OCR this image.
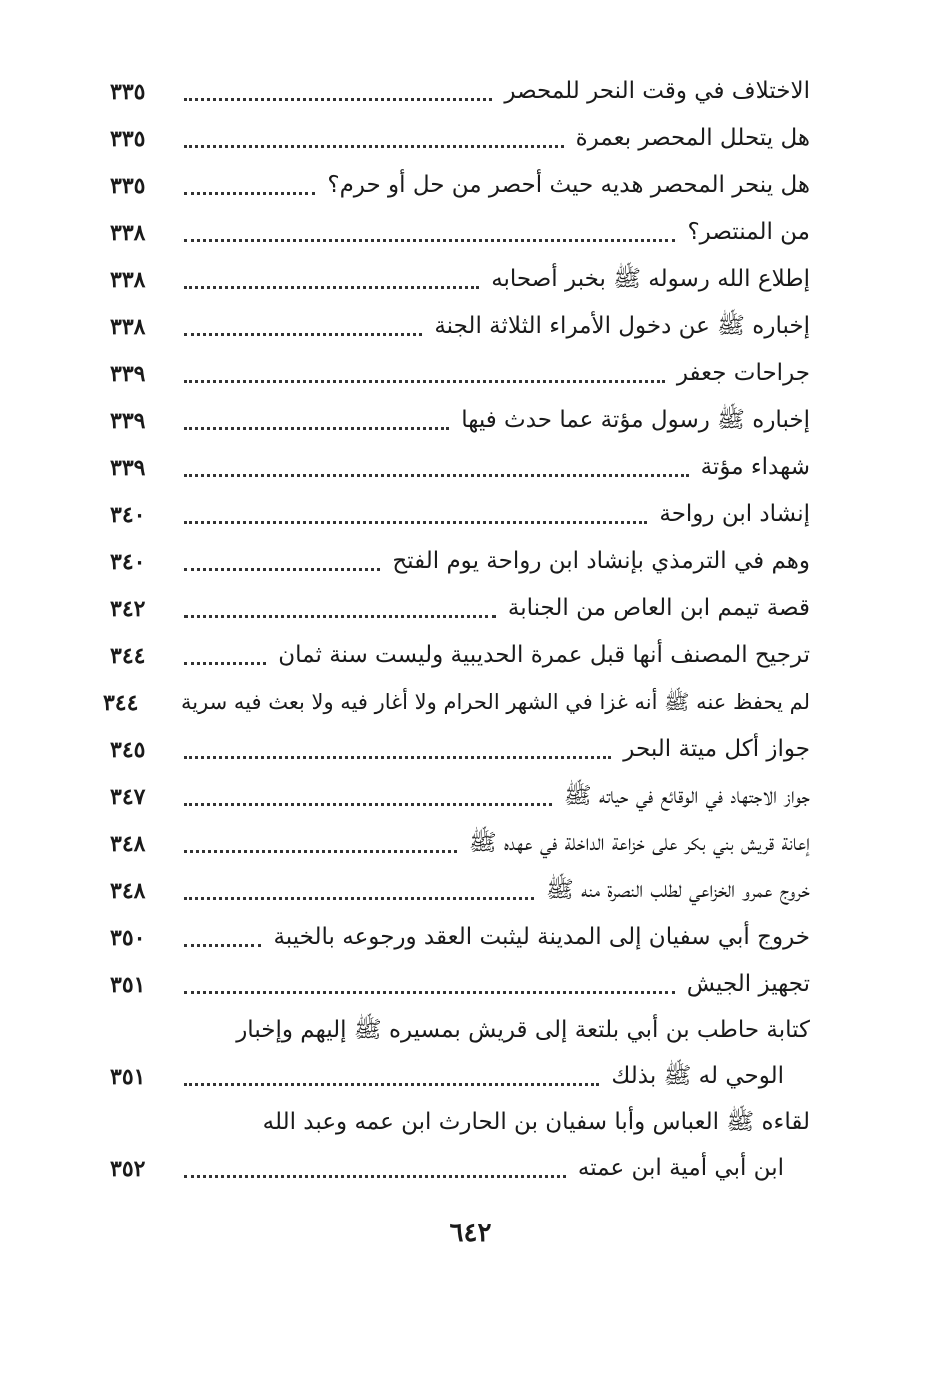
الاختلاف في وقت النحر للمحصر
٣٣٥
هل يتحلل المحصر بعمرة
٣٣٥
هل ينحر المحصر هديه حيث أحصر من حل أو حرم؟
٣٣٥
من المنتصر؟
٣٣٨
إطلاع الله رسوله ﷺ بخبر أصحابه
٣٣٨
إخباره ﷺ عن دخول الأمراء الثلاثة الجنة
٣٣٨
جراحات جعفر
٣٣٩
إخباره ﷺ رسول مؤتة عما حدث فيها
٣٣٩
شهداء مؤتة
٣٣٩
إنشاد ابن رواحة
٣٤٠
وهم في الترمذي بإنشاد ابن رواحة يوم الفتح
٣٤٠
قصة تيمم ابن العاص من الجنابة
٣٤٢
ترجيح المصنف أنها قبل عمرة الحديبية وليست سنة ثمان
٣٤٤
لم يحفظ عنه ﷺ أنه غزا في الشهر الحرام ولا أغار فيه ولا بعث فيه سرية
٣٤٤
جواز أكل ميتة البحر
٣٤٥
جواز الاجتهاد في الوقائع في حياته ﷺ
٣٤٧
إعانة قريش بني بكر على خزاعة الداخلة في عهده ﷺ
٣٤٨
خروج عمرو الخزاعي لطلب النصرة منه ﷺ
٣٤٨
خروج أبي سفيان إلى المدينة ليثبت العقد ورجوعه بالخيبة
٣٥٠
تجهيز الجيش
٣٥١
كتابة حاطب بن أبي بلتعة إلى قريش بمسيره ﷺ إليهم وإخبار
الوحي له ﷺ بذلك
٣٥١
لقاءه ﷺ العباس وأبا سفيان بن الحارث ابن عمه وعبد الله
ابن أبي أمية ابن عمته
٣٥٢
٦٤٢
